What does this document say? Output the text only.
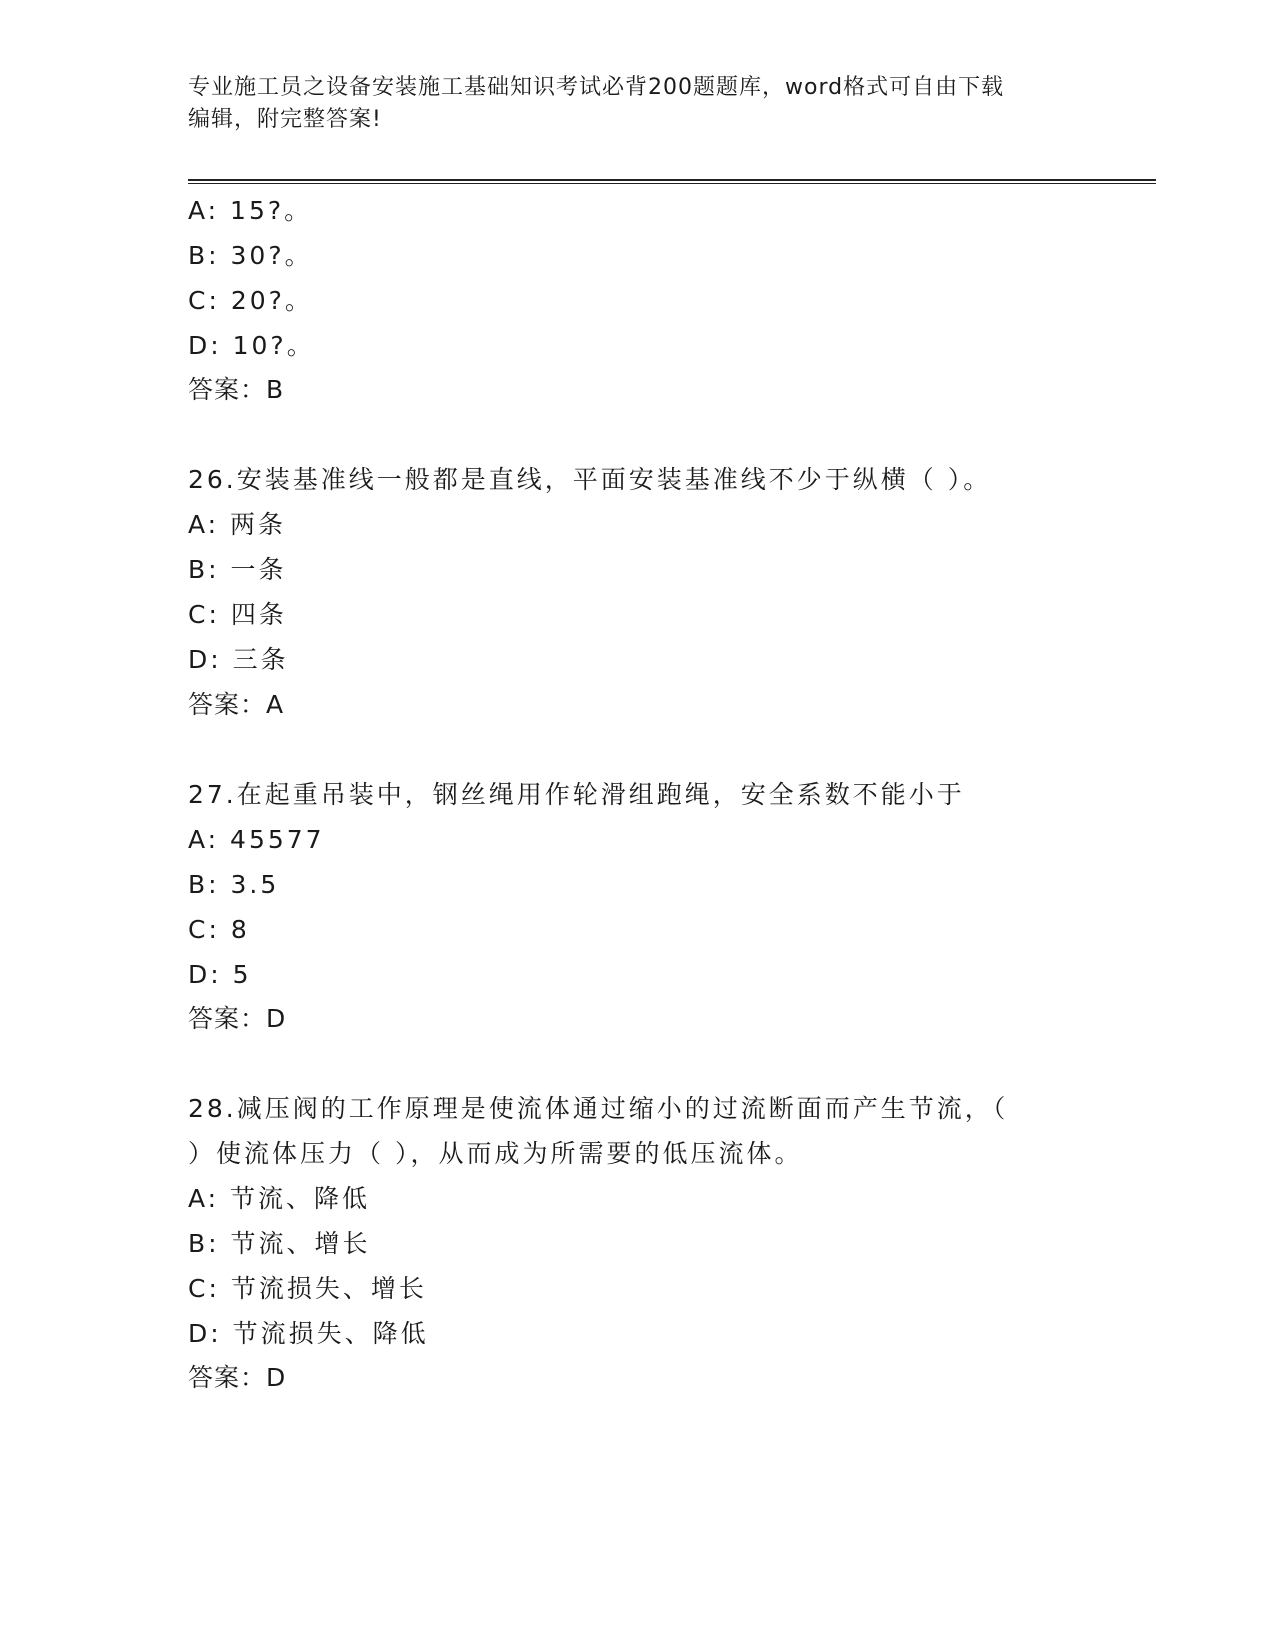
专业施工员之设备安装施工基础知识考试必背200题题库，word格式可自由下载
编辑，附完整答案!
A: 15?。
B: 30?。
C: 20?。
D: 10?。
答案：B
26.安装基准线一般都是直线，平面安装基准线不少于纵横（ ）。
A: 两条
B: 一条
C: 四条
D: 三条
答案：A
27.在起重吊装中，钢丝绳用作轮滑组跑绳，安全系数不能小于
A: 45577
B: 3.5
C: 8
D: 5
答案：D
28.减压阀的工作原理是使流体通过缩小的过流断面而产生节流，（
）使流体压力（ ），从而成为所需要的低压流体。
A: 节流、降低
B: 节流、增长
C: 节流损失、增长
D: 节流损失、降低
答案：D
